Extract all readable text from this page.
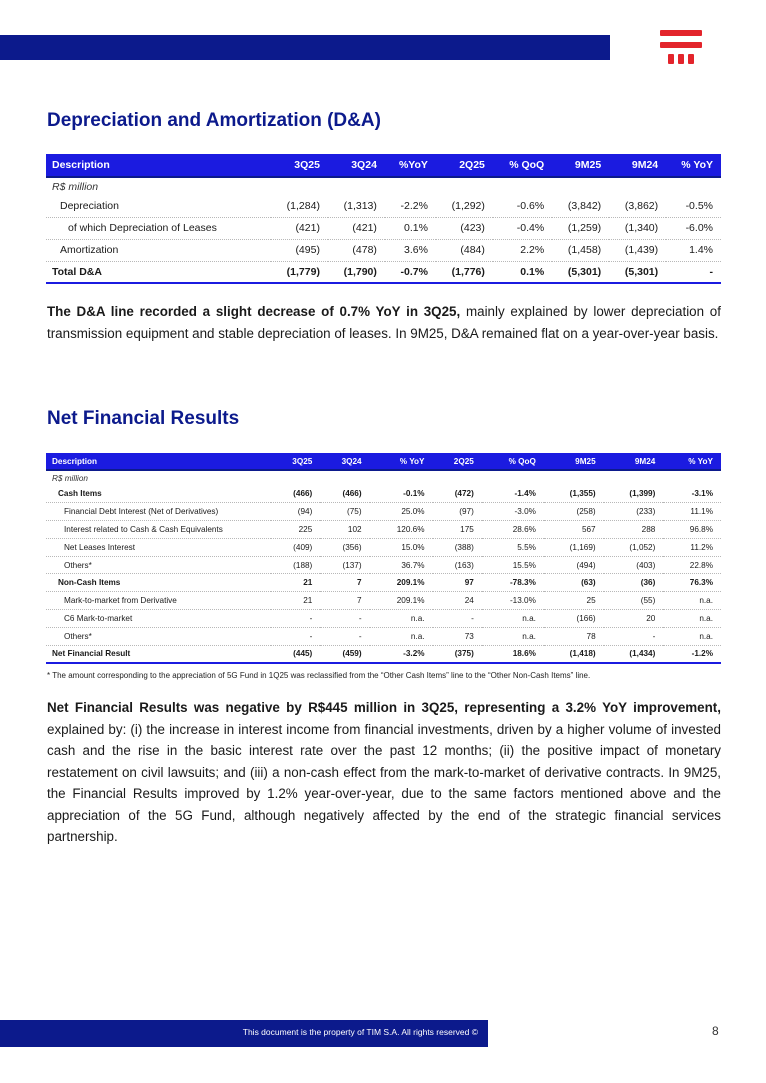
Depreciation and Amortization (D&A)
Description	3Q25	3Q24	%YoY	2Q25	% QoQ	9M25	9M24	% YoY
R$ million								
Depreciation	(1,284)	(1,313)	-2.2%	(1,292)	-0.6%	(3,842)	(3,862)	-0.5%
of which Depreciation of Leases	(421)	(421)	0.1%	(423)	-0.4%	(1,259)	(1,340)	-6.0%
Amortization	(495)	(478)	3.6%	(484)	2.2%	(1,458)	(1,439)	1.4%
Total D&A	(1,779)	(1,790)	-0.7%	(1,776)	0.1%	(5,301)	(5,301)	-

The D&A line recorded a slight decrease of 0.7% YoY in 3Q25, mainly explained by lower depreciation of transmission equipment and stable depreciation of leases. In 9M25, D&A remained flat on a year-over-year basis.

Net Financial Results
Description	3Q25	3Q24	% YoY	2Q25	% QoQ	9M25	9M24	% YoY
R$ million								
Cash Items	(466)	(466)	-0.1%	(472)	-1.4%	(1,355)	(1,399)	-3.1%
Financial Debt Interest (Net of Derivatives)	(94)	(75)	25.0%	(97)	-3.0%	(258)	(233)	11.1%
Interest related to Cash & Cash Equivalents	225	102	120.6%	175	28.6%	567	288	96.8%
Net Leases Interest	(409)	(356)	15.0%	(388)	5.5%	(1,169)	(1,052)	11.2%
Others*	(188)	(137)	36.7%	(163)	15.5%	(494)	(403)	22.8%
Non-Cash Items	21	7	209.1%	97	-78.3%	(63)	(36)	76.3%
Mark-to-market from Derivative	21	7	209.1%	24	-13.0%	25	(55)	n.a.
C6 Mark-to-market	-	-	n.a.	-	n.a.	(166)	20	n.a.
Others*	-	-	n.a.	73	n.a.	78	-	n.a.
Net Financial Result	(445)	(459)	-3.2%	(375)	18.6%	(1,418)	(1,434)	-1.2%
* The amount corresponding to the appreciation of 5G Fund in 1Q25 was reclassified from the “Other Cash Items” line to the “Other Non-Cash Items” line.

Net Financial Results was negative by R$445 million in 3Q25, representing a 3.2% YoY improvement, explained by: (i) the increase in interest income from financial investments, driven by a higher volume of invested cash and the rise in the basic interest rate over the past 12 months; (ii) the positive impact of monetary restatement on civil lawsuits; and (iii) a non-cash effect from the mark-to-market of derivative contracts. In 9M25, the Financial Results improved by 1.2% year-over-year, due to the same factors mentioned above and the appreciation of the 5G Fund, although negatively affected by the end of the strategic financial services partnership.

This document is the property of TIM S.A. All rights reserved ©	8
